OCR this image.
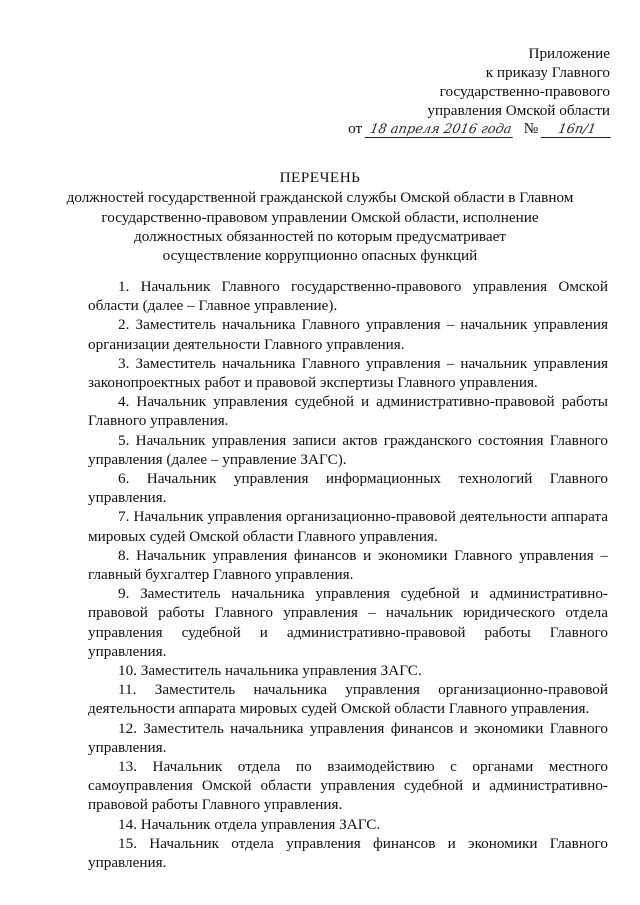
Приложение
к приказу Главного
государственно-правового
управления Омской области
от 18 апреля 2016 года № 16п/1
ПЕРЕЧЕНЬ
должностей государственной гражданской службы Омской области в Главном
государственно-правовом управлении Омской области, исполнение
должностных обязанностей по которым предусматривает
осуществление коррупционно опасных функций

1. Начальник Главного государственно-правового управления Омской области (далее – Главное управление).

2. Заместитель начальника Главного управления – начальник управления организации деятельности Главного управления.

3. Заместитель начальника Главного управления – начальник управления законопроектных работ и правовой экспертизы Главного управления.

4. Начальник управления судебной и административно-правовой работы Главного управления.

5. Начальник управления записи актов гражданского состояния Главного управления (далее – управление ЗАГС).

6. Начальник управления информационных технологий Главного управления.

7. Начальник управления организационно-правовой деятельности аппарата мировых судей Омской области Главного управления.

8. Начальник управления финансов и экономики Главного управления – главный бухгалтер Главного управления.

9. Заместитель начальника управления судебной и административно-правовой работы Главного управления – начальник юридического отдела управления судебной и административно-правовой работы Главного управления.

10. Заместитель начальника управления ЗАГС.

11. Заместитель начальника управления организационно-правовой деятельности аппарата мировых судей Омской области Главного управления.

12. Заместитель начальника управления финансов и экономики Главного управления.

13. Начальник отдела по взаимодействию с органами местного самоуправления Омской области управления судебной и административно-правовой работы Главного управления.

14. Начальник отдела управления ЗАГС.

15. Начальник отдела управления финансов и экономики Главного управления.
